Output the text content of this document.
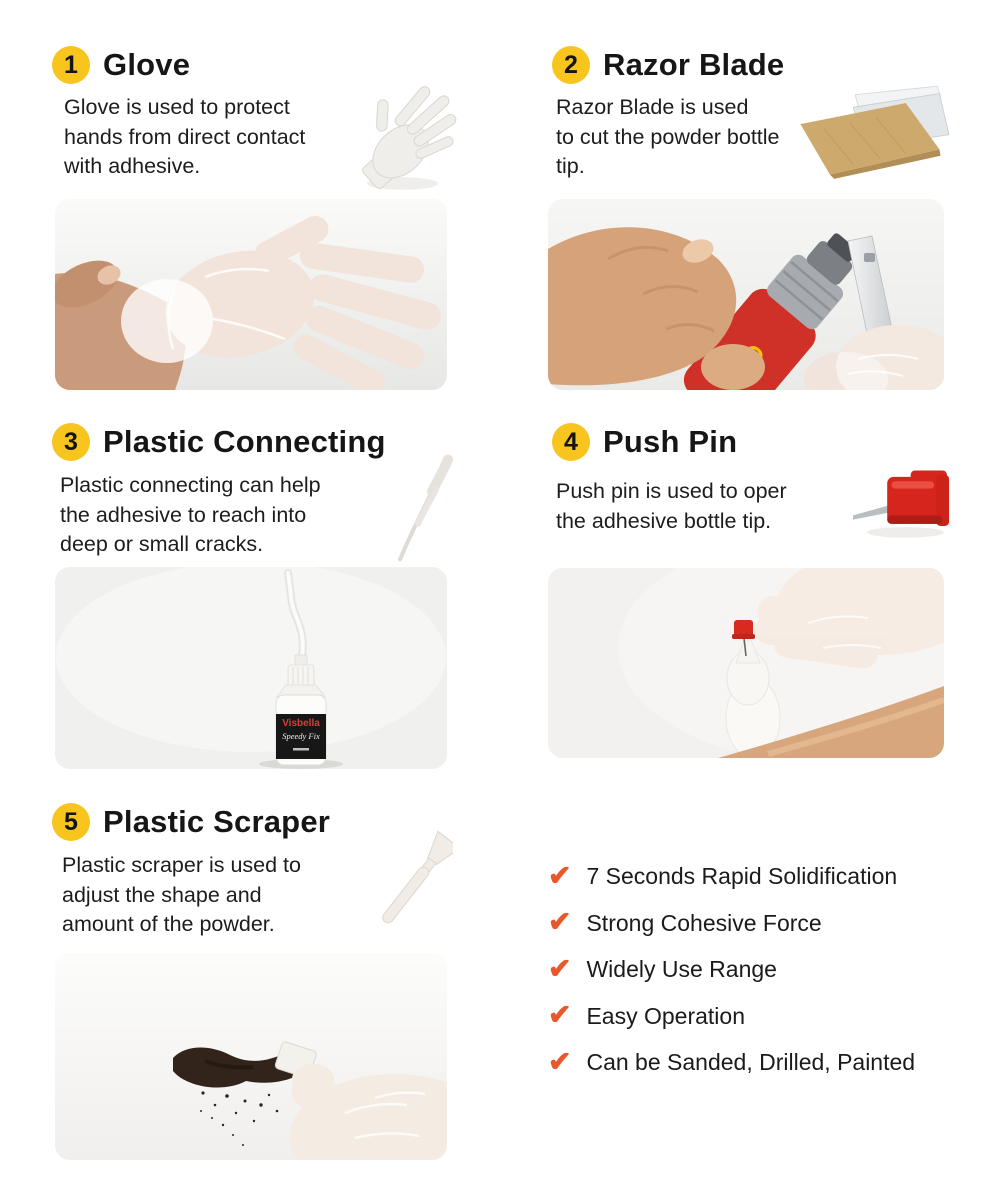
1 Glove

Glove is used to protect
hands from direct contact
with adhesive.

2 Razor Blade

Razor Blade is used
to cut the powder bottle
tip.

3 Plastic Connecting

Plastic connecting can help
the adhesive to reach into
deep or small cracks.

Visbella
Speedy Fix
4 Push Pin

Push pin is used to oper
the adhesive bottle tip.

5 Plastic Scraper

Plastic scraper is used to
adjust the shape and
amount of the powder.

✔ 7 Seconds Rapid Solidification
✔ Strong Cohesive Force
✔ Widely Use Range
✔ Easy Operation
✔ Can be Sanded, Drilled, Painted
